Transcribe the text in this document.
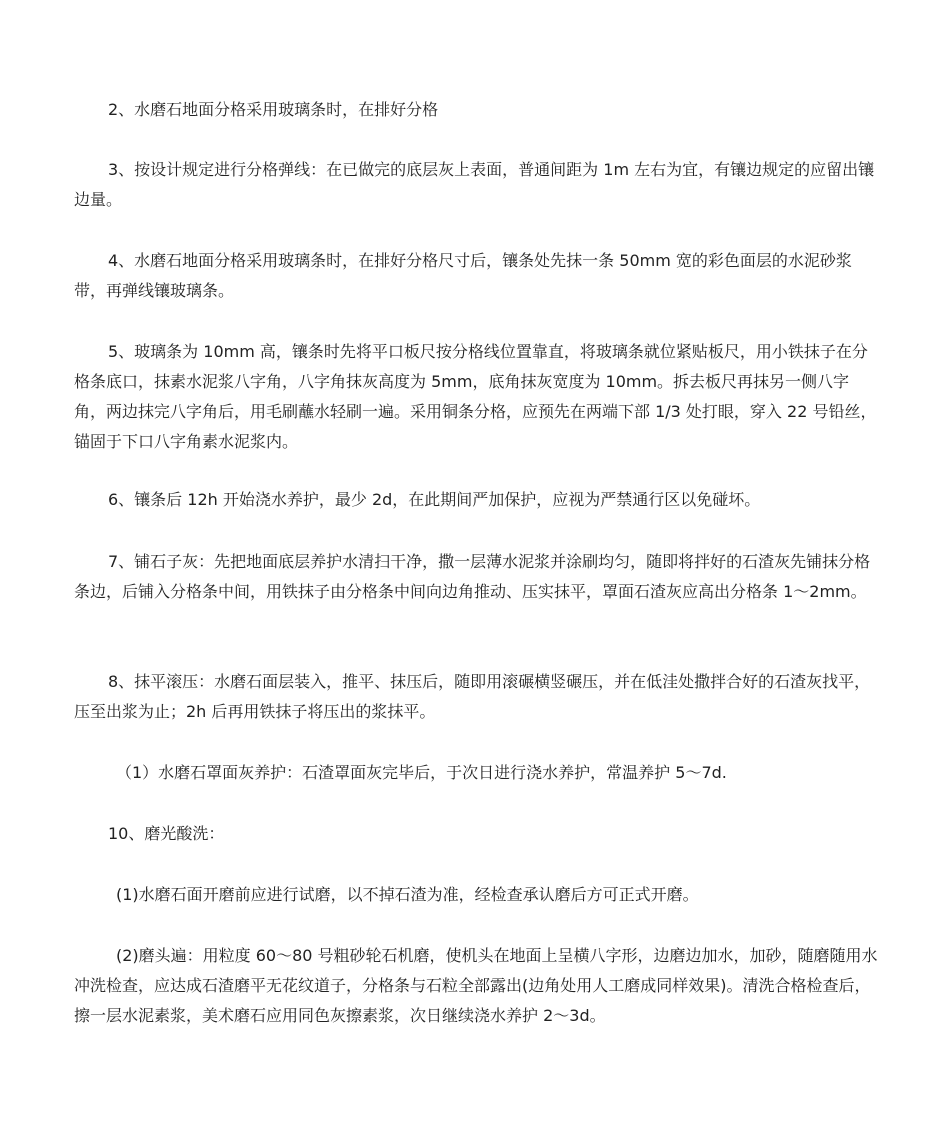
2、水磨石地面分格采用玻璃条时，在排好分格

3、按设计规定进行分格弹线：在已做完的底层灰上表面，普通间距为 1m 左右为宜，有镶边规定的应留出镶边量。

4、水磨石地面分格采用玻璃条时，在排好分格尺寸后，镶条处先抹一条 50mm 宽的彩色面层的水泥砂浆带，再弹线镶玻璃条。

5、玻璃条为 10mm 高，镶条时先将平口板尺按分格线位置靠直，将玻璃条就位紧贴板尺，用小铁抹子在分格条底口，抹素水泥浆八字角，八字角抹灰高度为 5mm，底角抹灰宽度为 10mm。拆去板尺再抹另一侧八字角，两边抹完八字角后，用毛刷蘸水轻刷一遍。采用铜条分格，应预先在两端下部 1/3 处打眼，穿入 22 号铅丝，锚固于下口八字角素水泥浆内。

6、镶条后 12h 开始浇水养护，最少 2d，在此期间严加保护，应视为严禁通行区以免碰坏。

7、铺石子灰：先把地面底层养护水清扫干净，撒一层薄水泥浆并涂刷均匀，随即将拌好的石渣灰先铺抹分格条边，后铺入分格条中间，用铁抹子由分格条中间向边角推动、压实抹平，罩面石渣灰应高出分格条 1～2mm。

8、抹平滚压：水磨石面层装入，推平、抹压后，随即用滚碾横竖碾压，并在低洼处撒拌合好的石渣灰找平，压至出浆为止；2h 后再用铁抹子将压出的浆抹平。

（1）水磨石罩面灰养护：石渣罩面灰完毕后，于次日进行浇水养护，常温养护 5～7d.

10、磨光酸洗：

(1)水磨石面开磨前应进行试磨，以不掉石渣为准，经检查承认磨后方可正式开磨。

(2)磨头遍：用粒度 60～80 号粗砂轮石机磨，使机头在地面上呈横八字形，边磨边加水，加砂，随磨随用水冲洗检查，应达成石渣磨平无花纹道子，分格条与石粒全部露出(边角处用人工磨成同样效果)。清洗合格检查后，擦一层水泥素浆，美术磨石应用同色灰擦素浆，次日继续浇水养护 2～3d。
